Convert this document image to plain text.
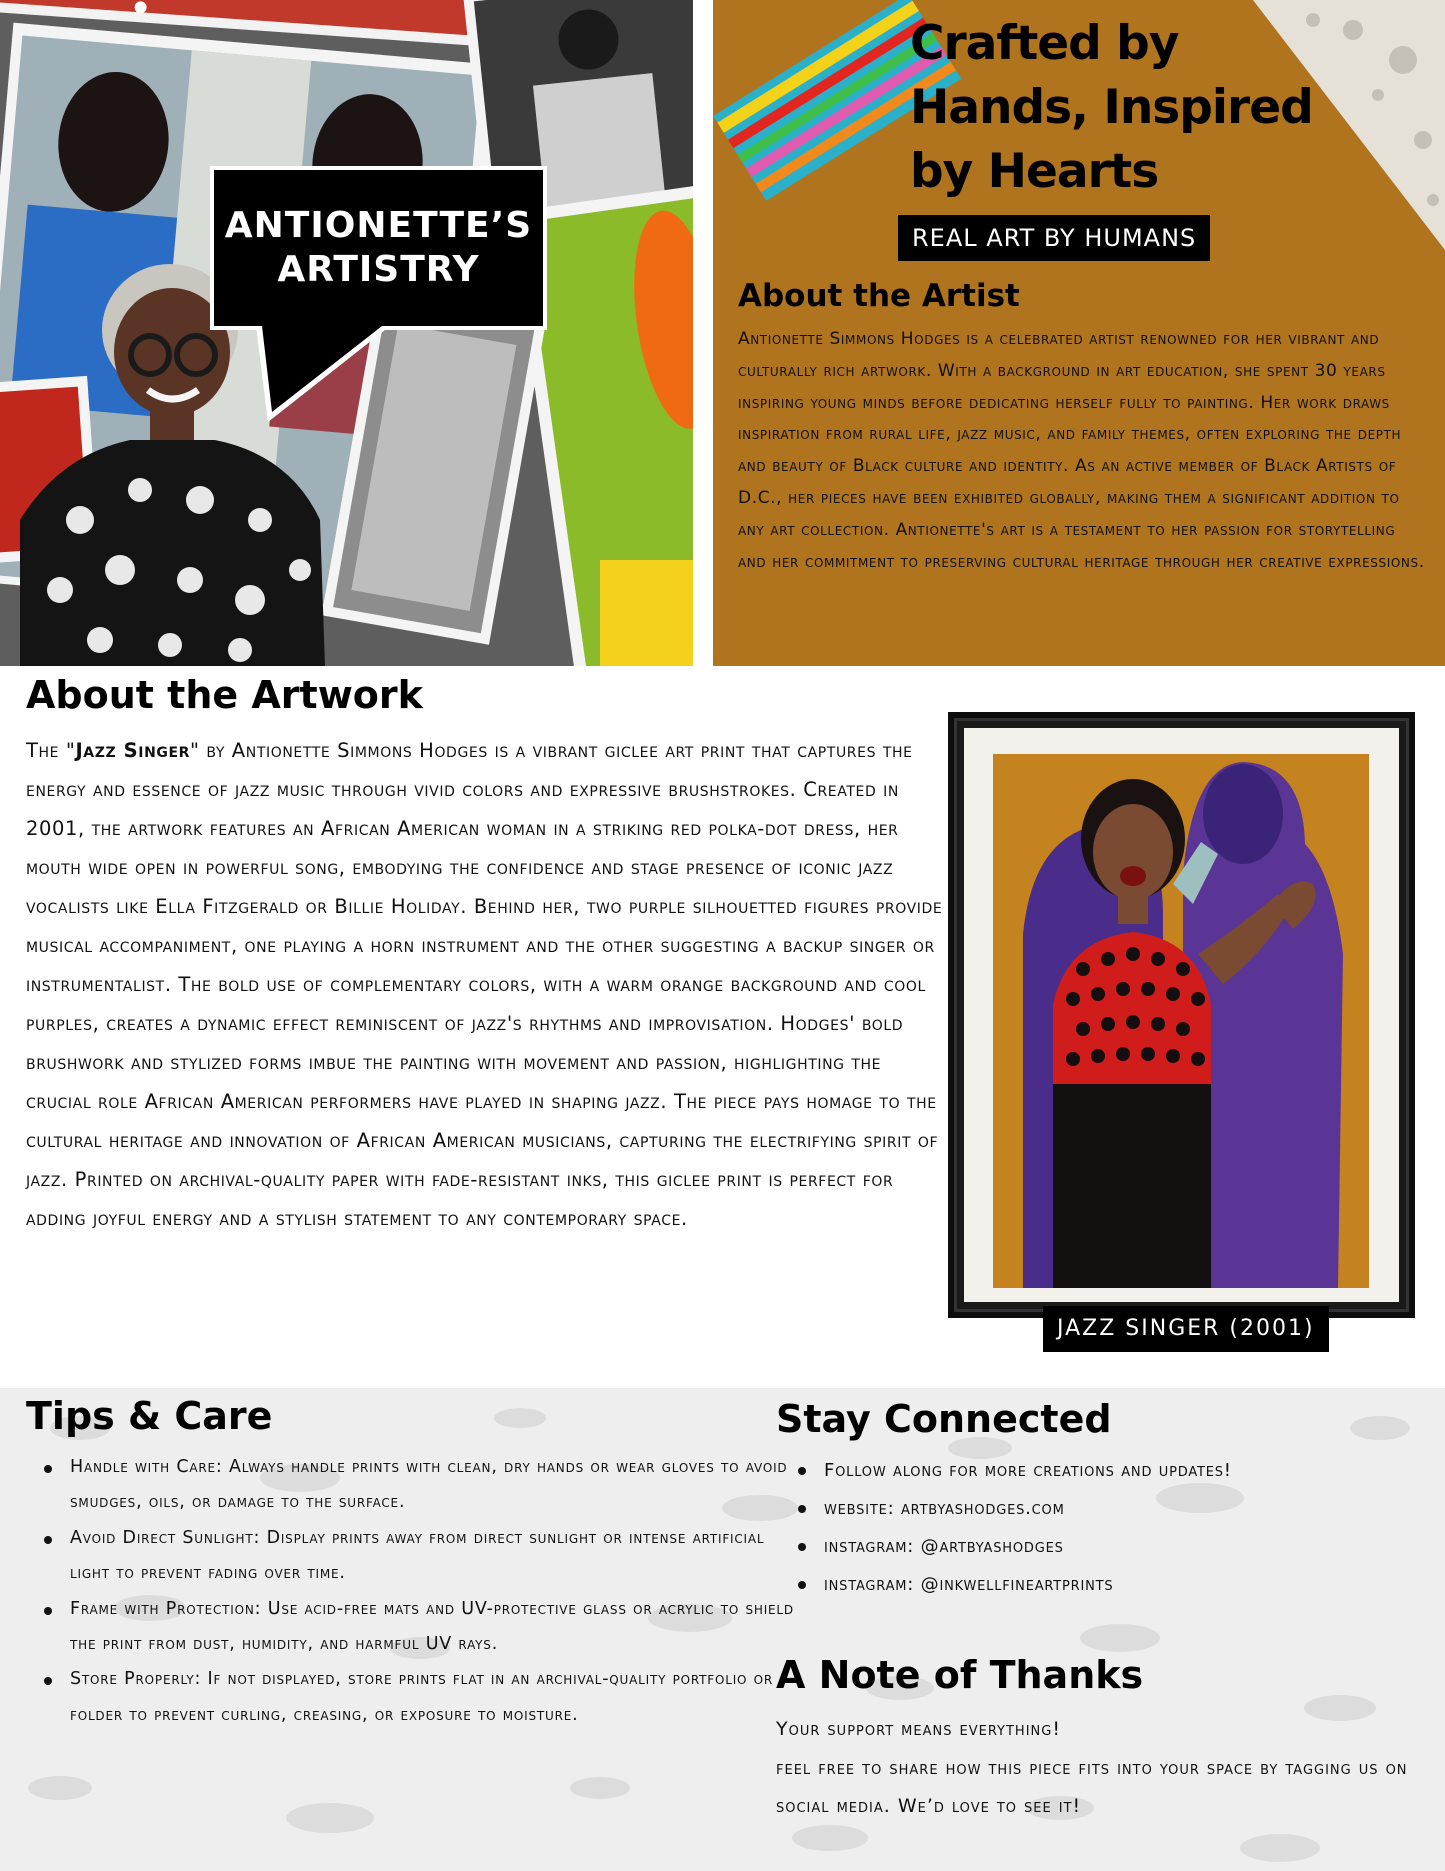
ANTIONETTE’S
ARTISTRY
Crafted by Hands, Inspired by Hearts
REAL ART BY HUMANS
About the Artist

Antionette Simmons Hodges is a celebrated artist renowned for her vibrant and culturally rich artwork. With a background in art education, she spent 30 years inspiring young minds before dedicating herself fully to painting. Her work draws inspiration from rural life, jazz music, and family themes, often exploring the depth and beauty of Black culture and identity. As an active member of Black Artists of D.C., her pieces have been exhibited globally, making them a significant addition to any art collection. Antionette's art is a testament to her passion for storytelling and her commitment to preserving cultural heritage through her creative expressions.

About the Artwork

The "Jazz Singer" by Antionette Simmons Hodges is a vibrant giclee art print that captures the energy and essence of jazz music through vivid colors and expressive brushstrokes. Created in 2001, the artwork features an African American woman in a striking red polka-dot dress, her mouth wide open in powerful song, embodying the confidence and stage presence of iconic jazz vocalists like Ella Fitzgerald or Billie Holiday. Behind her, two purple silhouetted figures provide musical accompaniment, one playing a horn instrument and the other suggesting a backup singer or instrumentalist. The bold use of complementary colors, with a warm orange background and cool purples, creates a dynamic effect reminiscent of jazz's rhythms and improvisation. Hodges' bold brushwork and stylized forms imbue the painting with movement and passion, highlighting the crucial role African American performers have played in shaping jazz. The piece pays homage to the cultural heritage and innovation of African American musicians, capturing the electrifying spirit of jazz. Printed on archival-quality paper with fade-resistant inks, this giclee print is perfect for adding joyful energy and a stylish statement to any contemporary space.

JAZZ SINGER (2001)
Tips & Care
Handle with Care: Always handle prints with clean, dry hands or wear gloves to avoid smudges, oils, or damage to the surface.
Avoid Direct Sunlight: Display prints away from direct sunlight or intense artificial light to prevent fading over time.
Frame with Protection: Use acid-free mats and UV-protective glass or acrylic to shield the print from dust, humidity, and harmful UV rays.
Store Properly: If not displayed, store prints flat in an archival-quality portfolio or folder to prevent curling, creasing, or exposure to moisture.
Stay Connected
Follow along for more creations and updates!
website: artbyashodges.com
instagram: @artbyashodges
instagram: @inkwellfineartprints
A Note of Thanks

Your support means everything!
feel free to share how this piece fits into your space by tagging us on social media. We’d love to see it!
